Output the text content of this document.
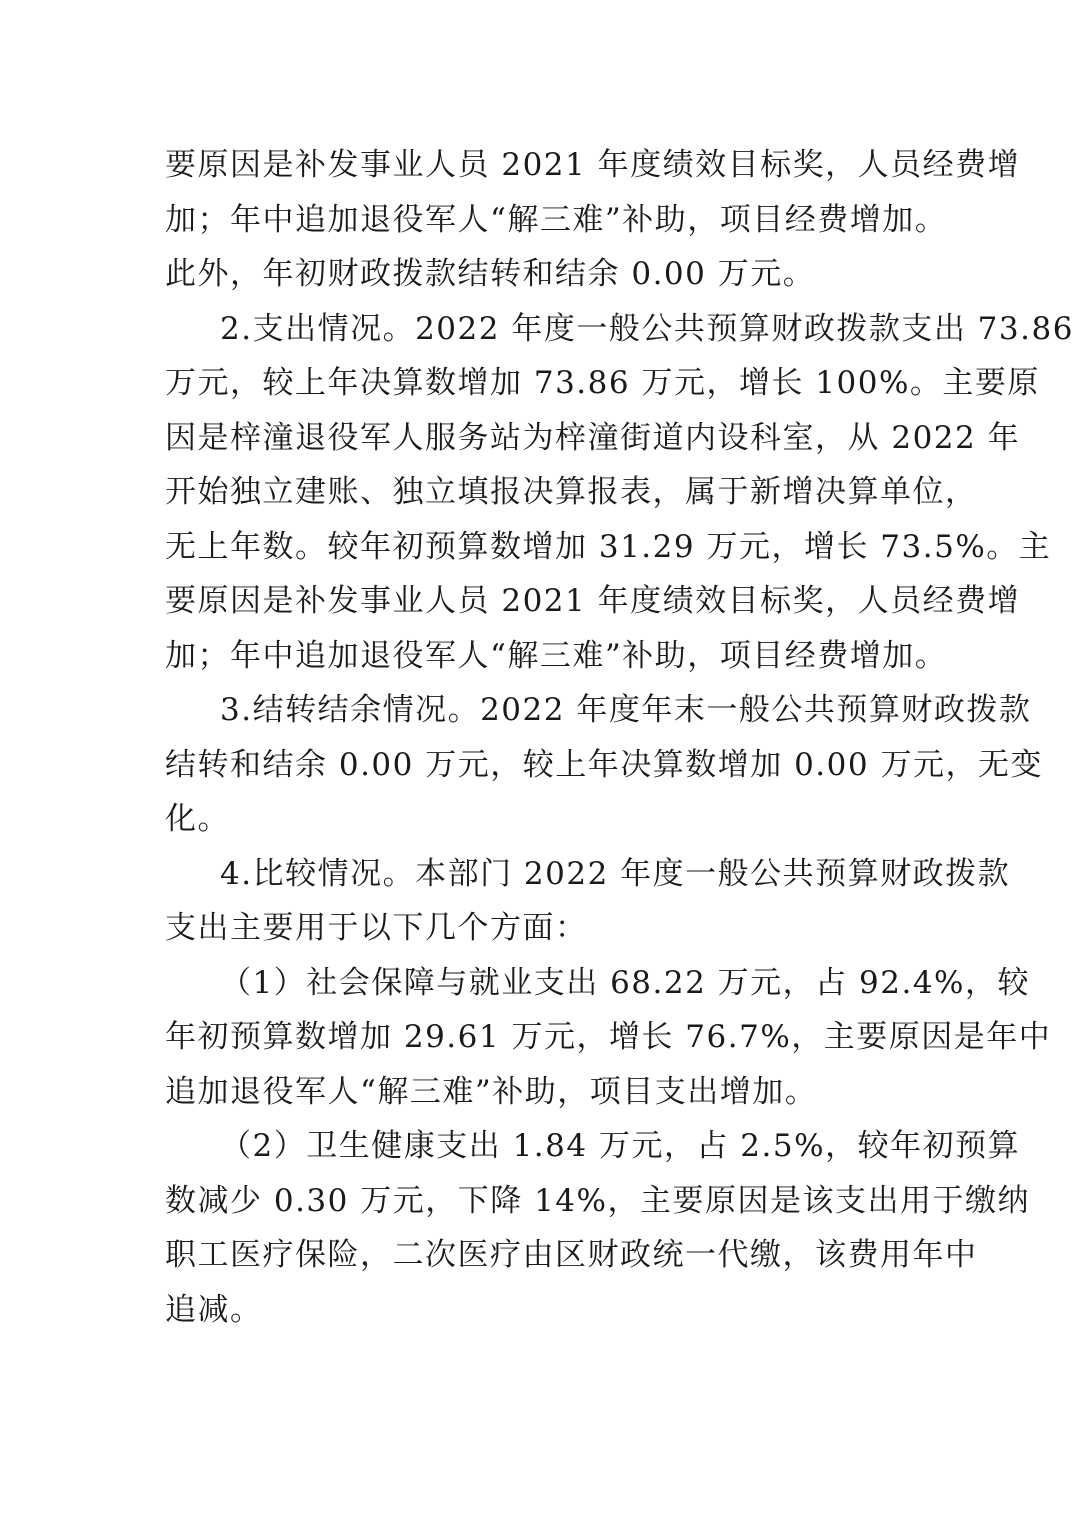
要原因是补发事业人员 2021 年度绩效目标奖，人员经费增
加；年中追加退役军人“解三难”补助，项目经费增加。
此外，年初财政拨款结转和结余 0.00 万元。
2.支出情况。2022 年度一般公共预算财政拨款支出 73.86
万元，较上年决算数增加 73.86 万元，增长 100%。主要原
因是梓潼退役军人服务站为梓潼街道内设科室，从 2022 年
开始独立建账、独立填报决算报表，属于新增决算单位，
无上年数。较年初预算数增加 31.29 万元，增长 73.5%。主
要原因是补发事业人员 2021 年度绩效目标奖，人员经费增
加；年中追加退役军人“解三难”补助，项目经费增加。
3.结转结余情况。2022 年度年末一般公共预算财政拨款
结转和结余 0.00 万元，较上年决算数增加 0.00 万元，无变
化。
4.比较情况。本部门 2022 年度一般公共预算财政拨款
支出主要用于以下几个方面：
（1）社会保障与就业支出 68.22 万元，占 92.4%，较
年初预算数增加 29.61 万元，增长 76.7%，主要原因是年中
追加退役军人“解三难”补助，项目支出增加。
（2）卫生健康支出 1.84 万元，占 2.5%，较年初预算
数减少 0.30 万元，下降 14%，主要原因是该支出用于缴纳
职工医疗保险，二次医疗由区财政统一代缴，该费用年中
追减。
